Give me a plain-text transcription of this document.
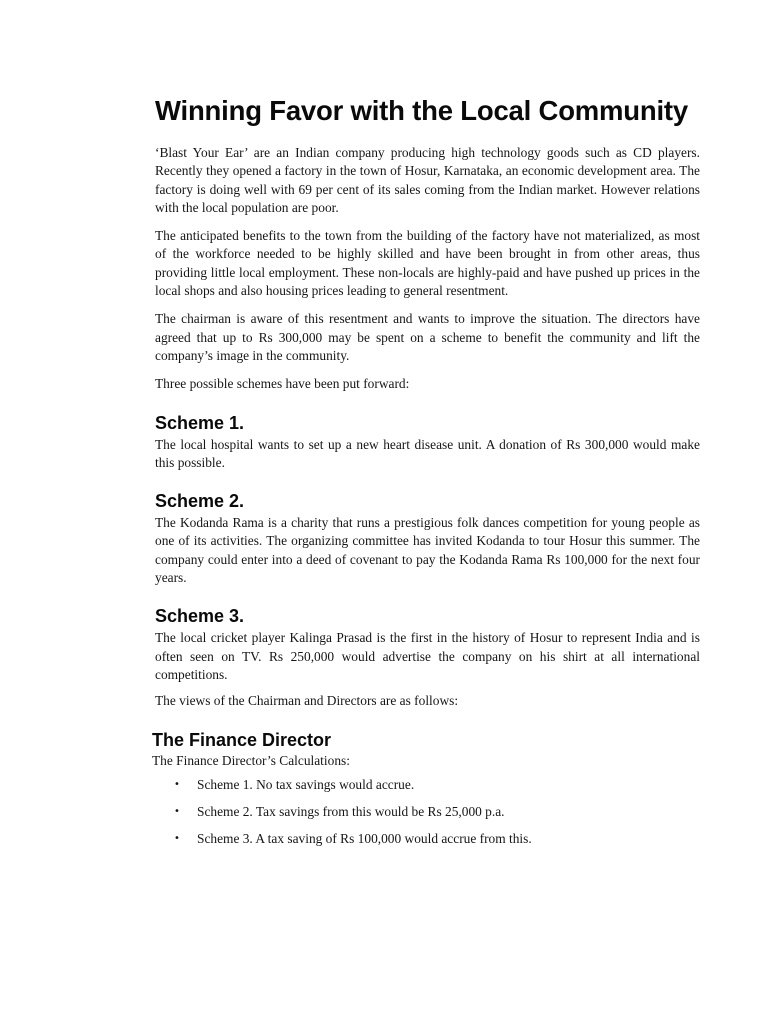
Winning Favor with the Local Community

‘Blast Your Ear’ are an Indian company producing high technology goods such as CD players. Recently they opened a factory in the town of Hosur, Karnataka, an economic development area. The factory is doing well with 69 per cent of its sales coming from the Indian market. However relations with the local population are poor.

The anticipated benefits to the town from the building of the factory have not materialized, as most of the workforce needed to be highly skilled and have been brought in from other areas, thus providing little local employment. These non-locals are highly-paid and have pushed up prices in the local shops and also housing prices leading to general resentment.

The chairman is aware of this resentment and wants to improve the situation. The directors have agreed that up to Rs 300,000 may be spent on a scheme to benefit the community and lift the company’s image in the community.

Three possible schemes have been put forward:

Scheme 1.

The local hospital wants to set up a new heart disease unit. A donation of Rs 300,000 would make this possible.

Scheme 2.

The Kodanda Rama is a charity that runs a prestigious folk dances competition for young people as one of its activities. The organizing committee has invited Kodanda to tour Hosur this summer. The company could enter into a deed of covenant to pay the Kodanda Rama Rs 100,000 for the next four years.

Scheme 3.

The local cricket player Kalinga Prasad is the first in the history of Hosur to represent India and is often seen on TV. Rs 250,000 would advertise the company on his shirt at all international competitions.

The views of the Chairman and Directors are as follows:

The Finance Director

The Finance Director’s Calculations:

• Scheme 1. No tax savings would accrue.
• Scheme 2. Tax savings from this would be Rs 25,000 p.a.
• Scheme 3. A tax saving of Rs 100,000 would accrue from this.
